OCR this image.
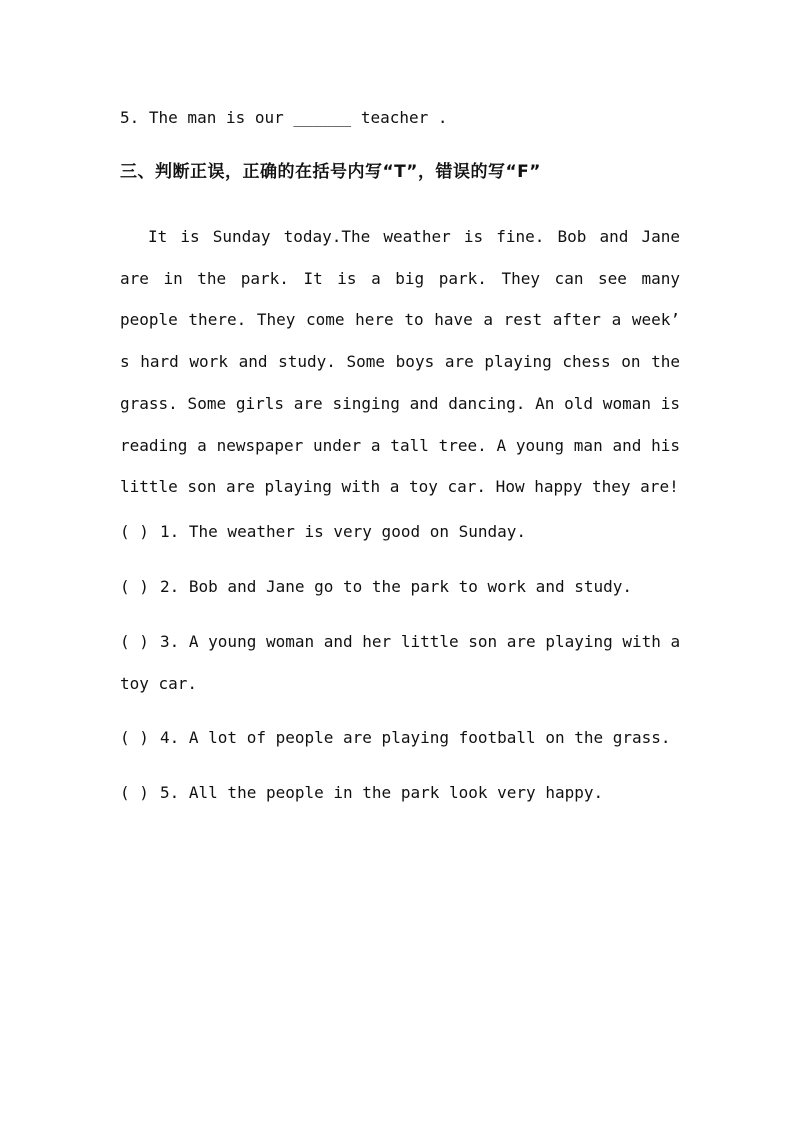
5. The man is our ______ teacher .
三、判断正误，正确的在括号内写“T”，错误的写“F”
It is Sunday today.The weather is fine. Bob and Jane are in the park. It is a big park. They can see many people there. They come here to have a rest after a week’ s hard work and study. Some boys are playing chess on the grass. Some girls are singing and dancing. An old woman is reading a newspaper under a tall tree. A young man and his little son are playing with a toy car. How happy they are!
( ) 1. The weather is very good on Sunday.
( ) 2. Bob and Jane go to the park to work and study.
( ) 3. A young woman and her little son are playing with a toy car.
( ) 4. A lot of people are playing football on the grass.
( ) 5. All the people in the park look very happy.
